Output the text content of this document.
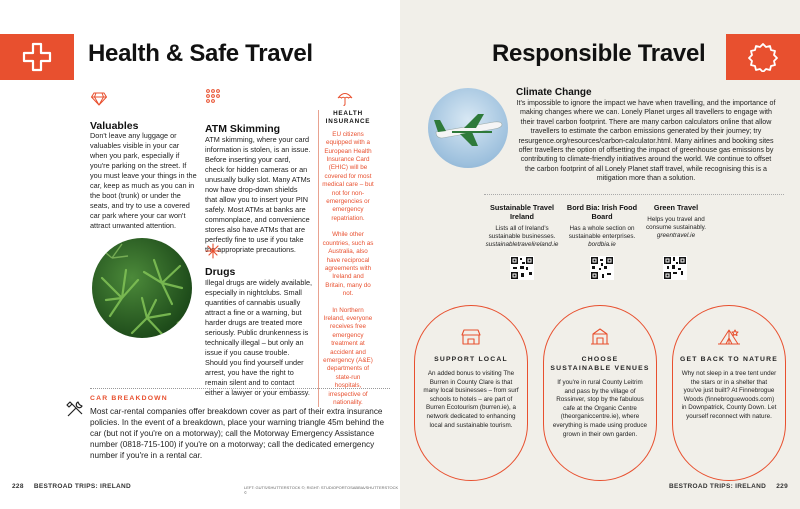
Health & Safe Travel
Valuables
Don't leave any luggage or valuables visible in your car when you park, especially if you're parking on the street. If you must leave your things in the car, keep as much as you can in the boot (trunk) or under the seats, and try to use a covered car park where your car won't attract unwanted attention.
ATM Skimming
ATM skimming, where your card information is stolen, is an issue. Before inserting your card, check for hidden cameras or an unusually bulky slot. Many ATMs now have drop-down shields that allow you to insert your PIN safely. Most ATMs at banks are commonplace, and convenience stores also have ATMs that are perfectly fine to use if you take the appropriate precautions.
HEALTH INSURANCE
EU citizens equipped with a European Health Insurance Card (EHIC) will be covered for most medical care – but not for non-emergencies or emergency repatriation.
While other countries, such as Australia, also have reciprocal agreements with Ireland and Britain, many do not.
In Northern Ireland, everyone receives free emergency treatment at accident and emergency (A&E) departments of state-run hospitals, irrespective of nationality.
Drugs
Illegal drugs are widely available, especially in nightclubs. Small quantities of cannabis usually attract a fine or a warning, but harder drugs are treated more seriously. Public drunkenness is technically illegal – but only an issue if you cause trouble. Should you find yourself under arrest, you have the right to remain silent and to contact either a lawyer or your embassy.
CAR BREAKDOWN
Most car-rental companies offer breakdown cover as part of their extra insurance policies. In the event of a breakdown, place your warning triangle 45m behind the car (but not if you're on a motorway); call the Motorway Emergency Assistance number (0818-715-100) if you're on a motorway; call the dedicated emergency number if you're in a rental car.
LEFT: GUTS/SHUTTERSTOCK ©; RIGHT: STUDIOPORTOSABBIA/SHUTTERSTOCK ©
228 BESTROAD TRIPS: IRELAND
Responsible Travel
Climate Change
It's impossible to ignore the impact we have when travelling, and the importance of making changes where we can. Lonely Planet urges all travellers to engage with their travel carbon footprint. There are many carbon calculators online that allow travellers to estimate the carbon emissions generated by their journey; try resurgence.org/resources/carbon-calculator.html. Many airlines and booking sites offer travellers the option of offsetting the impact of greenhouse gas emissions by contributing to climate-friendly initiatives around the world. We continue to offset the carbon footprint of all Lonely Planet staff travel, while recognising this is a mitigation more than a solution.
Sustainable Travel Ireland
Lists all of Ireland's sustainable businesses. sustainabletravelireland.ie
Bord Bia: Irish Food Board
Has a whole section on sustainable enterprises. bordbia.ie
Green Travel
Helps you travel and consume sustainably. greentravel.ie
SUPPORT LOCAL
An added bonus to visiting The Burren in County Clare is that many local businesses – from surf schools to hotels – are part of Burren Ecotourism (burren.ie), a network dedicated to enhancing local and sustainable tourism.
CHOOSE SUSTAINABLE VENUES
If you're in rural County Leitrim and pass by the village of Rossinver, stop by the fabulous cafe at the Organic Centre (theorganiccentre.ie), where everything is made using produce grown in their own garden.
GET BACK TO NATURE
Why not sleep in a tree tent under the stars or in a shelter that you've just built? At Finnebrogue Woods (finnebroguewoods.com) in Downpatrick, County Down. Let yourself reconnect with nature.
BESTROAD TRIPS: IRELAND 229
